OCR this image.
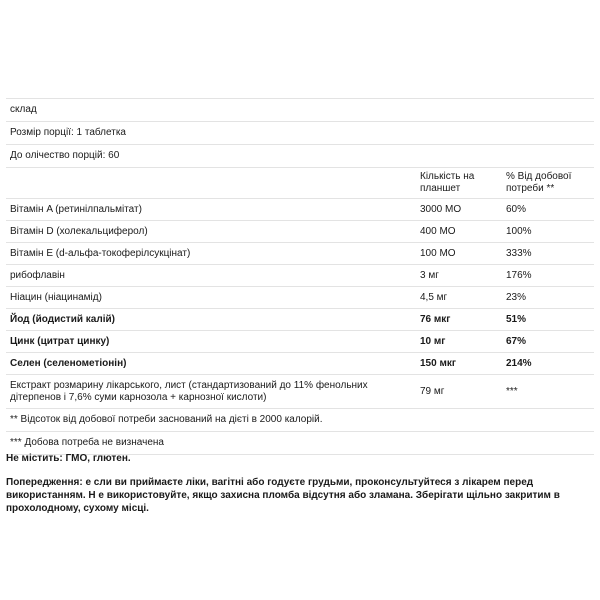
склад		
Розмір порції: 1 таблетка		
До олічество порцій: 60		
	Кількість на планшет	% Від добової потреби **
Вітамін A (ретинілпальмітат)	3000 МО	60%
Вітамін D (холекальциферол)	400 МО	100%
Вітамін E (d-альфа-токоферілсукцінат)	100 МО	333%
рибофлавін	3 мг	176%
Ніацин (ніацинамід)	4,5 мг	23%
Йод (йодистий калій)	76 мкг	51%
Цинк (цитрат цинку)	10 мг	67%
Селен (селенометіонін)	150 мкг	214%
Екстракт розмарину лікарського, лист (стандартизований до 11% фенольних дітерпенов і 7,6% суми карнозола + карнозної кислоти)	79 мг	***
** Відсоток від добової потреби заснований на дієті в 2000 калорій.		
*** Добова потреба не визначена		

Не містить: ГМО, глютен.

Попередження: е сли ви приймаєте ліки, вагітні або годуєте грудьми, проконсультуйтеся з лікарем перед використанням. Н е використовуйте, якщо захисна пломба відсутня або зламана. Зберігати щільно закритим в прохолодному, сухому місці.
